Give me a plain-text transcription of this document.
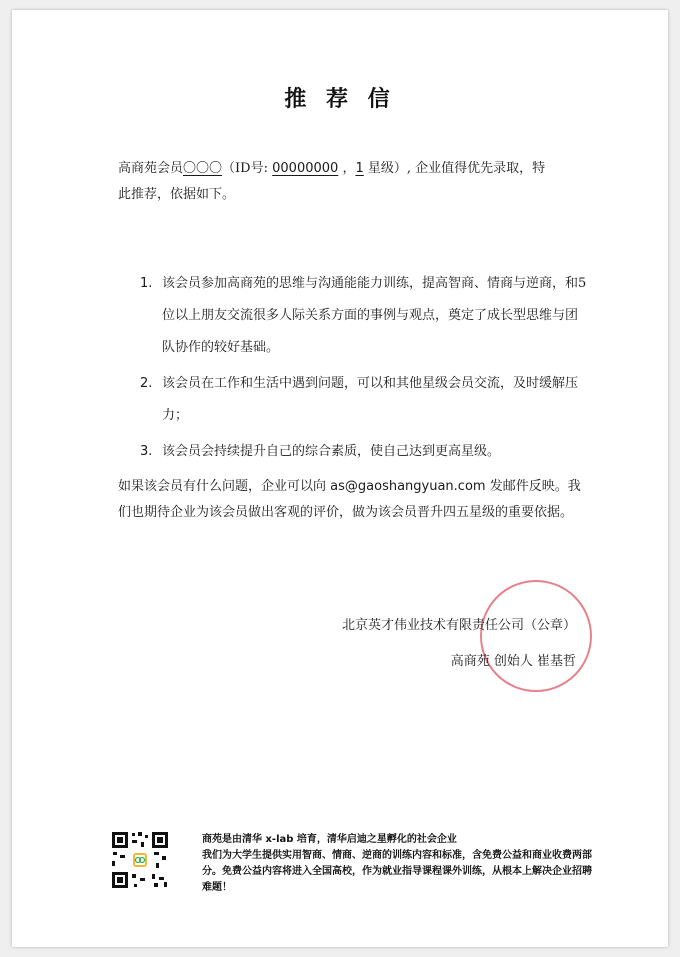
推 荐 信
高商苑会员〇〇〇（ID号: 00000000 ，1 星级）, 企业值得优先录取，特
此推荐，依据如下。
1. 该会员参加高商苑的思维与沟通能能力训练，提高智商、情商与逆商，和5位以上朋友交流很多人际关系方面的事例与观点，奠定了成长型思维与团队协作的较好基础。
2. 该会员在工作和生活中遇到问题，可以和其他星级会员交流，及时缓解压力；
3. 该会员会持续提升自己的综合素质，使自己达到更高星级。
如果该会员有什么问题，企业可以向 as@gaoshangyuan.com 发邮件反映。我们也期待企业为该会员做出客观的评价，做为该会员晋升四五星级的重要依据。
北京英才伟业技术有限责任公司（公章）
高商苑 创始人 崔基哲
商苑是由清华 x-lab 培育，清华启迪之星孵化的社会企业
我们为大学生提供实用智商、情商、逆商的训练内容和标准，含免费公益和商业收费两部分。免费公益内容将进入全国高校，作为就业指导课程课外训练，从根本上解决企业招聘难题！
